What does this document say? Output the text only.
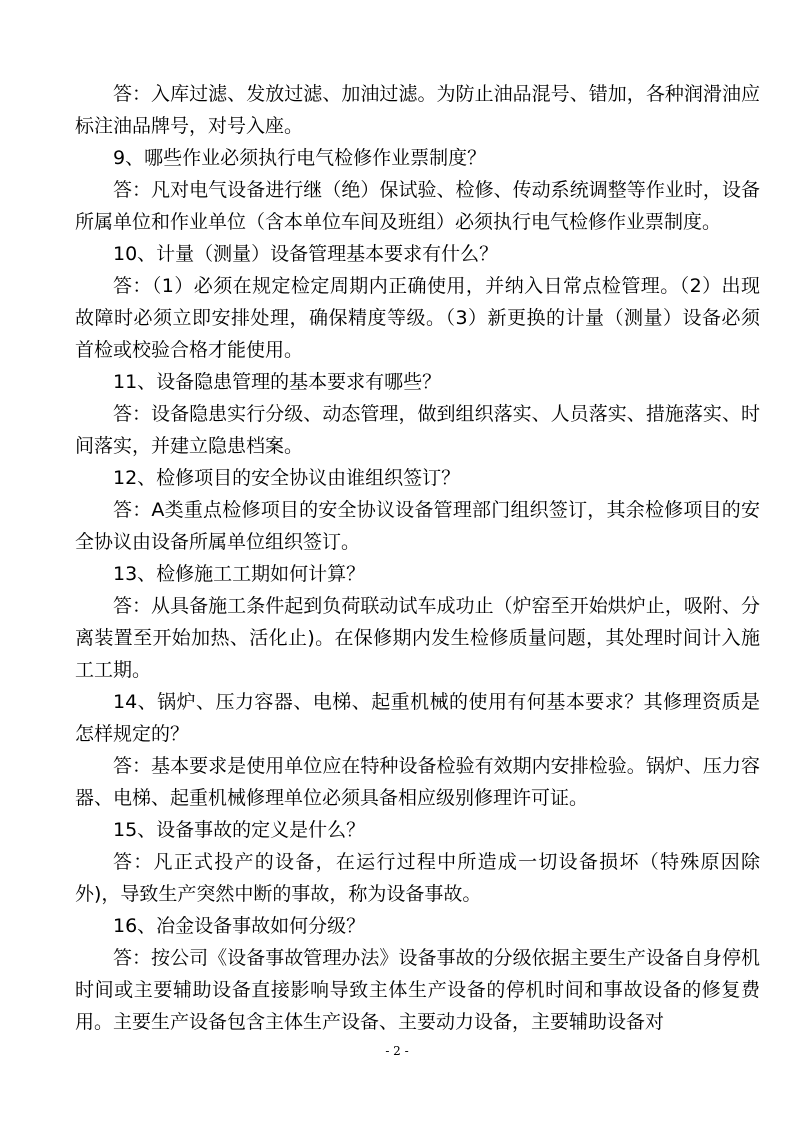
答：入库过滤、发放过滤、加油过滤。为防止油品混号、错加，各种润滑油应标注油品牌号，对号入座。

9、哪些作业必须执行电气检修作业票制度？

答：凡对电气设备进行继（绝）保试验、检修、传动系统调整等作业时，设备所属单位和作业单位（含本单位车间及班组）必须执行电气检修作业票制度。

10、计量（测量）设备管理基本要求有什么？

答：（1）必须在规定检定周期内正确使用，并纳入日常点检管理。（2）出现故障时必须立即安排处理，确保精度等级。（3）新更换的计量（测量）设备必须首检或校验合格才能使用。

11、设备隐患管理的基本要求有哪些？

答：设备隐患实行分级、动态管理，做到组织落实、人员落实、措施落实、时间落实，并建立隐患档案。

12、检修项目的安全协议由谁组织签订？

答：A类重点检修项目的安全协议设备管理部门组织签订，其余检修项目的安全协议由设备所属单位组织签订。

13、检修施工工期如何计算？

答：从具备施工条件起到负荷联动试车成功止（炉窑至开始烘炉止，吸附、分离装置至开始加热、活化止)。在保修期内发生检修质量问题，其处理时间计入施工工期。

14、锅炉、压力容器、电梯、起重机械的使用有何基本要求？其修理资质是怎样规定的？

答：基本要求是使用单位应在特种设备检验有效期内安排检验。锅炉、压力容器、电梯、起重机械修理单位必须具备相应级别修理许可证。

15、设备事故的定义是什么？

答：凡正式投产的设备，在运行过程中所造成一切设备损坏（特殊原因除外)，导致生产突然中断的事故，称为设备事故。

16、冶金设备事故如何分级？

答：按公司《设备事故管理办法》设备事故的分级依据主要生产设备自身停机时间或主要辅助设备直接影响导致主体生产设备的停机时间和事故设备的修复费用。主要生产设备包含主体生产设备、主要动力设备，主要辅助设备对

- 2 -
